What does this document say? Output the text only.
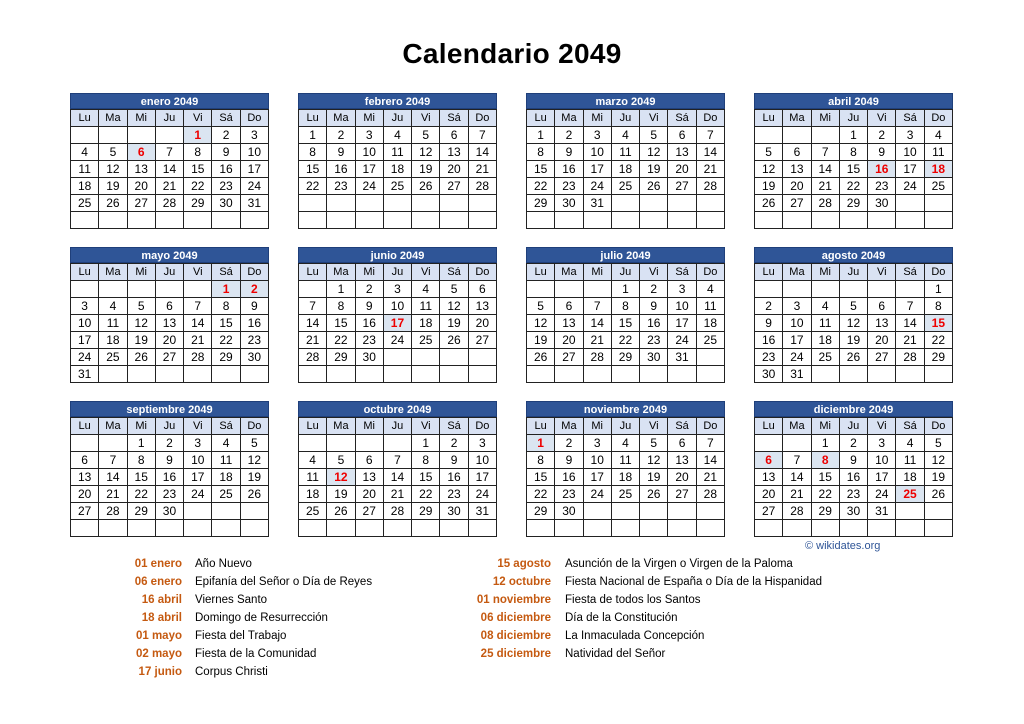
Calendario 2049
enero 2049
Lu	Ma	Mi	Ju	Vi	Sá	Do
				1	2	3
4	5	6	7	8	9	10
11	12	13	14	15	16	17
18	19	20	21	22	23	24
25	26	27	28	29	30	31

febrero 2049
Lu	Ma	Mi	Ju	Vi	Sá	Do
1	2	3	4	5	6	7
8	9	10	11	12	13	14
15	16	17	18	19	20	21
22	23	24	25	26	27	28

marzo 2049
Lu	Ma	Mi	Ju	Vi	Sá	Do
1	2	3	4	5	6	7
8	9	10	11	12	13	14
15	16	17	18	19	20	21
22	23	24	25	26	27	28
29	30	31				

abril 2049
Lu	Ma	Mi	Ju	Vi	Sá	Do
			1	2	3	4
5	6	7	8	9	10	11
12	13	14	15	16	17	18
19	20	21	22	23	24	25
26	27	28	29	30		

mayo 2049
Lu	Ma	Mi	Ju	Vi	Sá	Do
					1	2
3	4	5	6	7	8	9
10	11	12	13	14	15	16
17	18	19	20	21	22	23
24	25	26	27	28	29	30
31						
junio 2049
Lu	Ma	Mi	Ju	Vi	Sá	Do
	1	2	3	4	5	6
7	8	9	10	11	12	13
14	15	16	17	18	19	20
21	22	23	24	25	26	27
28	29	30				

julio 2049
Lu	Ma	Mi	Ju	Vi	Sá	Do
			1	2	3	4
5	6	7	8	9	10	11
12	13	14	15	16	17	18
19	20	21	22	23	24	25
26	27	28	29	30	31	

agosto 2049
Lu	Ma	Mi	Ju	Vi	Sá	Do
						1
2	3	4	5	6	7	8
9	10	11	12	13	14	15
16	17	18	19	20	21	22
23	24	25	26	27	28	29
30	31					
septiembre 2049
Lu	Ma	Mi	Ju	Vi	Sá	Do
		1	2	3	4	5
6	7	8	9	10	11	12
13	14	15	16	17	18	19
20	21	22	23	24	25	26
27	28	29	30			

octubre 2049
Lu	Ma	Mi	Ju	Vi	Sá	Do
				1	2	3
4	5	6	7	8	9	10
11	12	13	14	15	16	17
18	19	20	21	22	23	24
25	26	27	28	29	30	31

noviembre 2049
Lu	Ma	Mi	Ju	Vi	Sá	Do
1	2	3	4	5	6	7
8	9	10	11	12	13	14
15	16	17	18	19	20	21
22	23	24	25	26	27	28
29	30					

diciembre 2049
Lu	Ma	Mi	Ju	Vi	Sá	Do
		1	2	3	4	5
6	7	8	9	10	11	12
13	14	15	16	17	18	19
20	21	22	23	24	25	26
27	28	29	30	31		

© wikidates.org
01 enero Año Nuevo
06 enero Epifanía del Señor o Día de Reyes
16 abril Viernes Santo
18 abril Domingo de Resurrección
01 mayo Fiesta del Trabajo
02 mayo Fiesta de la Comunidad
17 junio Corpus Christi
15 agosto Asunción de la Virgen o Virgen de la Paloma
12 octubre Fiesta Nacional de España o Día de la Hispanidad
01 noviembre Fiesta de todos los Santos
06 diciembre Día de la Constitución
08 diciembre La Inmaculada Concepción
25 diciembre Natividad del Señor
